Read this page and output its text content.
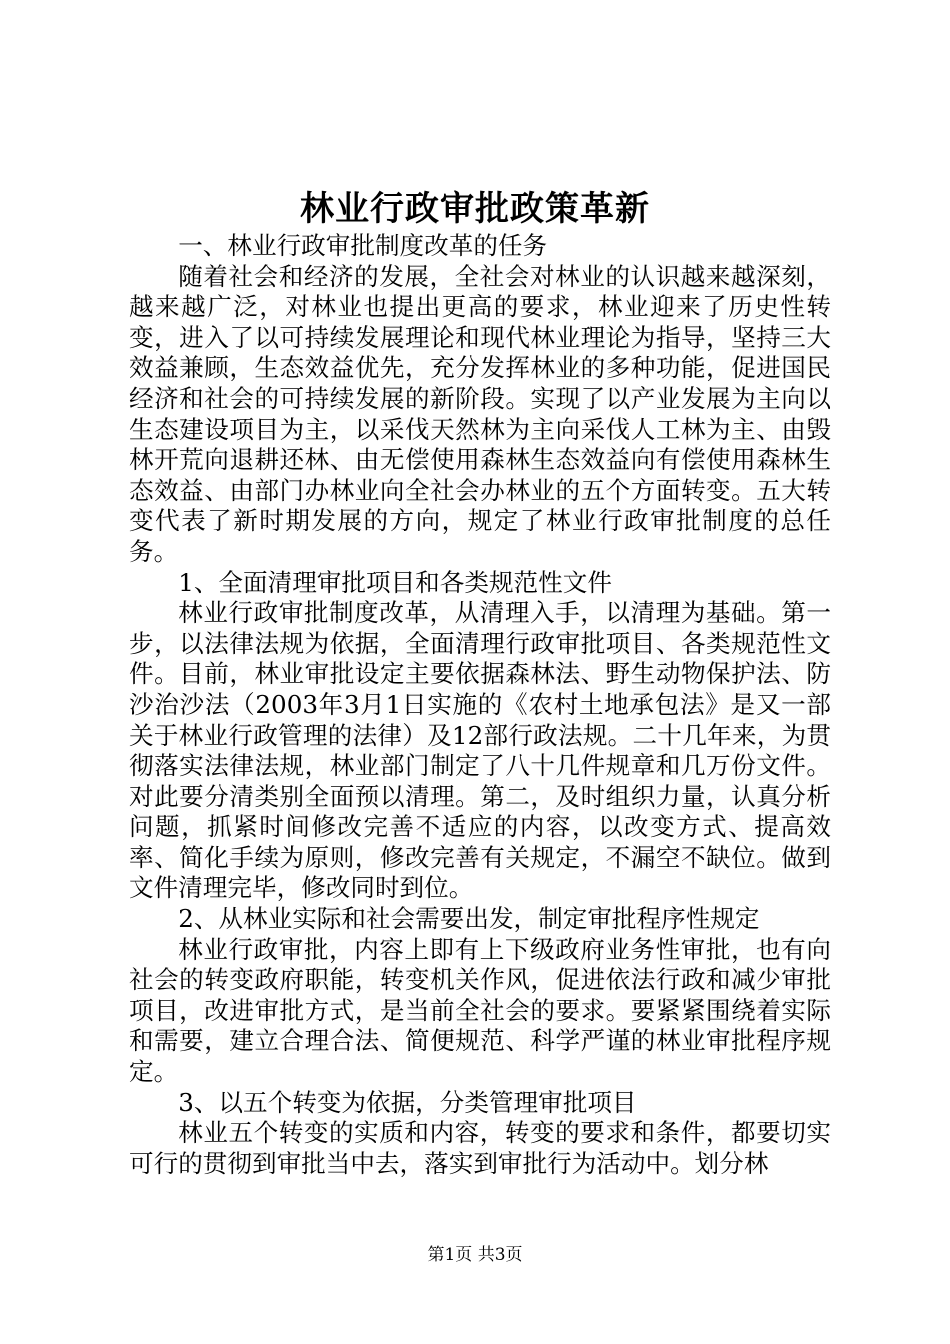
林业行政审批政策革新

一、林业行政审批制度改革的任务

随着社会和经济的发展，全社会对林业的认识越来越深刻，越来越广泛，对林业也提出更高的要求，林业迎来了历史性转变，进入了以可持续发展理论和现代林业理论为指导，坚持三大效益兼顾，生态效益优先，充分发挥林业的多种功能，促进国民经济和社会的可持续发展的新阶段。实现了以产业发展为主向以生态建设项目为主，以采伐天然林为主向采伐人工林为主、由毁林开荒向退耕还林、由无偿使用森林生态效益向有偿使用森林生态效益、由部门办林业向全社会办林业的五个方面转变。五大转变代表了新时期发展的方向，规定了林业行政审批制度的总任务。

1、全面清理审批项目和各类规范性文件

林业行政审批制度改革，从清理入手，以清理为基础。第一步，以法律法规为依据，全面清理行政审批项目、各类规范性文件。目前，林业审批设定主要依据森林法、野生动物保护法、防沙治沙法（2003年3月1日实施的《农村土地承包法》是又一部关于林业行政管理的法律）及12部行政法规。二十几年来，为贯彻落实法律法规，林业部门制定了八十几件规章和几万份文件。对此要分清类别全面预以清理。第二，及时组织力量，认真分析问题，抓紧时间修改完善不适应的内容，以改变方式、提高效率、简化手续为原则，修改完善有关规定，不漏空不缺位。做到文件清理完毕，修改同时到位。

2、从林业实际和社会需要出发，制定审批程序性规定

林业行政审批，内容上即有上下级政府业务性审批，也有向社会的转变政府职能，转变机关作风，促进依法行政和减少审批项目，改进审批方式，是当前全社会的要求。要紧紧围绕着实际和需要，建立合理合法、简便规范、科学严谨的林业审批程序规定。

3、以五个转变为依据，分类管理审批项目

林业五个转变的实质和内容，转变的要求和条件，都要切实可行的贯彻到审批当中去，落实到审批行为活动中。划分林

第1页 共3页
